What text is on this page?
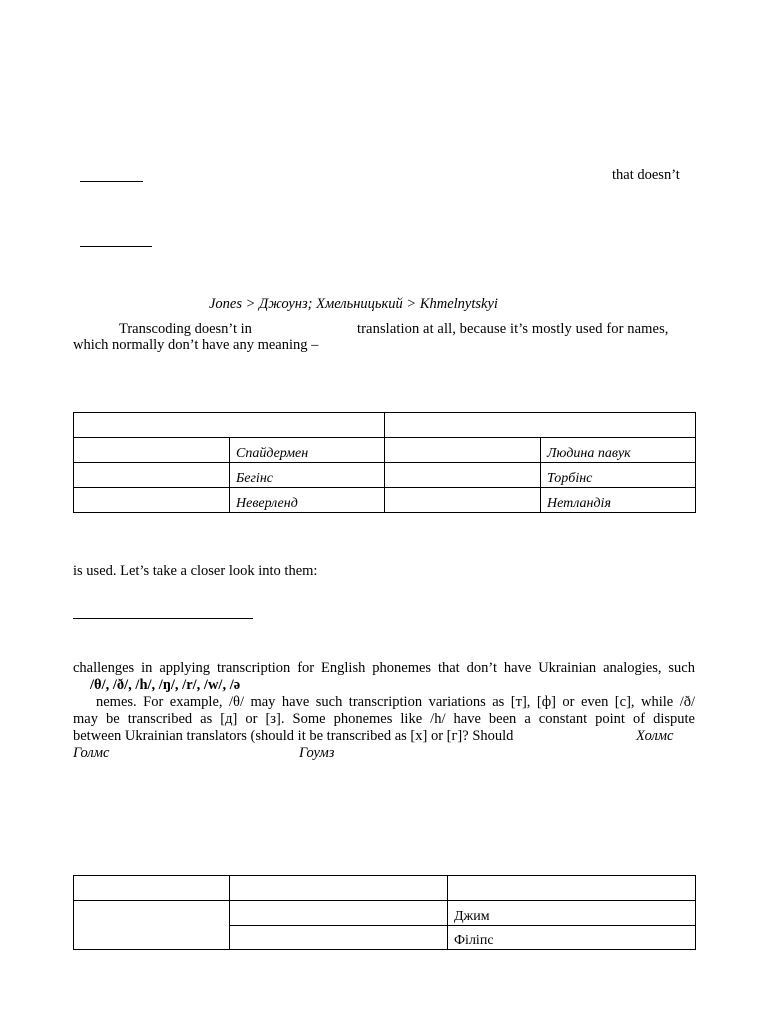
that doesn’t
Jones > Джоунз; Хмельницький > Khmelnytskyi
Transcoding doesn’t in	translation at all, because it’s mostly used for names,
which normally don’t have any meaning –

	Спайдермен		Людина павук
	Бегінс		Торбінс
	Неверленд		Нетландія
is used. Let’s take a closer look into them:
challenges in applying transcription for English phonemes that don’t have Ukrainian analogies, such
/θ/, /ð/, /h/, /ŋ/, /r/, /w/, /ə
nemes. For example, /θ/ may have such transcription variations as [т], [ф] or even [с], while /ð/
may be transcribed as [д] or [з]. Some phonemes like /h/ have been a constant point of dispute
between Ukrainian translators (should it be transcribed as [х] or [г]? Should	Холмс
Голмс	Гоумз

		Джим
		Філіпс
